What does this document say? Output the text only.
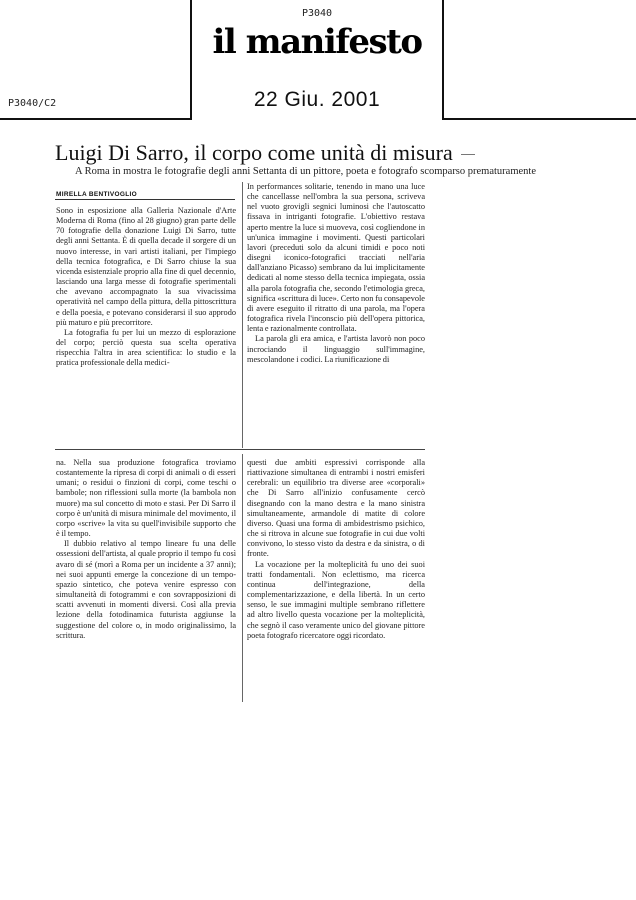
P3040
il manifesto
P3040/C2	22 Giu. 2001
Luigi Di Sarro, il corpo come unità di misura
A Roma in mostra le fotografie degli anni Settanta di un pittore, poeta e fotografo scomparso prematuramente
MIRELLA BENTIVOGLIO

Sono in esposizione alla Galleria Nazionale d'Arte Moderna di Roma (fino al 28 giugno) gran parte delle 70 fotografie della donazione Luigi Di Sarro, tutte degli anni Settanta. È di quella decade il sorgere di un nuovo interesse, in vari artisti italiani, per l'impiego della tecnica fotografica, e Di Sarro chiuse la sua vicenda esistenziale proprio alla fine di quel decennio, lasciando una larga messe di fotografie sperimentali che avevano accompagnato la sua vivacissima operatività nel campo della pittura, della pittoscrittura e della poesia, e potevano considerarsi il suo approdo più maturo e più precorritore.

La fotografia fu per lui un mezzo di esplorazione del corpo; perciò questa sua scelta operativa rispecchia l'altra in area scientifica: lo studio e la pratica professionale della medici-

In performances solitarie, tenendo in mano una luce che cancellasse nell'ombra la sua persona, scriveva nel vuoto grovigli segnici luminosi che l'autoscatto fissava in intriganti fotografie. L'obiettivo restava aperto mentre la luce si muoveva, così cogliendone in un'unica immagine i movimenti. Questi particolari lavori (preceduti solo da alcuni timidi e poco noti disegni iconico-fotografici tracciati nell'aria dall'anziano Picasso) sembrano da lui implicitamente dedicati al nome stesso della tecnica impiegata, ossia alla parola fotografia che, secondo l'etimologia greca, significa «scrittura di luce». Certo non fu consapevole di avere eseguito il ritratto di una parola, ma l'opera fotografica rivela l'inconscio più dell'opera pittorica, lenta e razionalmente controllata.

La parola gli era amica, e l'artista lavorò non poco incrociando il linguaggio sull'immagine, mescolandone i codici. La riunificazione di

na. Nella sua produzione fotografica troviamo costantemente la ripresa di corpi di animali o di esseri umani; o residui o finzioni di corpi, come teschi o bambole; non riflessioni sulla morte (la bambola non muore) ma sul concetto di moto e stasi. Per Di Sarro il corpo è un'unità di misura minimale del movimento, il corpo «scrive» la vita su quell'invisibile supporto che è il tempo.

Il dubbio relativo al tempo lineare fu una delle ossessioni dell'artista, al quale proprio il tempo fu così avaro di sé (morì a Roma per un incidente a 37 anni); nei suoi appunti emerge la concezione di un tempo-spazio sintetico, che poteva venire espresso con simultaneità di fotogrammi e con sovrapposizioni di scatti avvenuti in momenti diversi. Così alla previa lezione della fotodinamica futurista aggiunse la suggestione del colore o, in modo originalissimo, la scrittura.

questi due ambiti espressivi corrisponde alla riattivazione simultanea di entrambi i nostri emisferi cerebrali: un equilibrio tra diverse aree «corporali» che Di Sarro all'inizio confusamente cercò disegnando con la mano destra e la mano sinistra simultaneamente, armandole di matite di colore diverso. Quasi una forma di ambidestrismo psichico, che si ritrova in alcune sue fotografie in cui due volti convivono, lo stesso visto da destra e da sinistra, o di fronte.

La vocazione per la molteplicità fu uno dei suoi tratti fondamentali. Non eclettismo, ma ricerca continua dell'integrazione, della complementarizzazione, e della libertà. In un certo senso, le sue immagini multiple sembrano riflettere ad altro livello questa vocazione per la molteplicità, che segnò il caso veramente unico del giovane pittore poeta fotografo ricercatore oggi ricordato.
